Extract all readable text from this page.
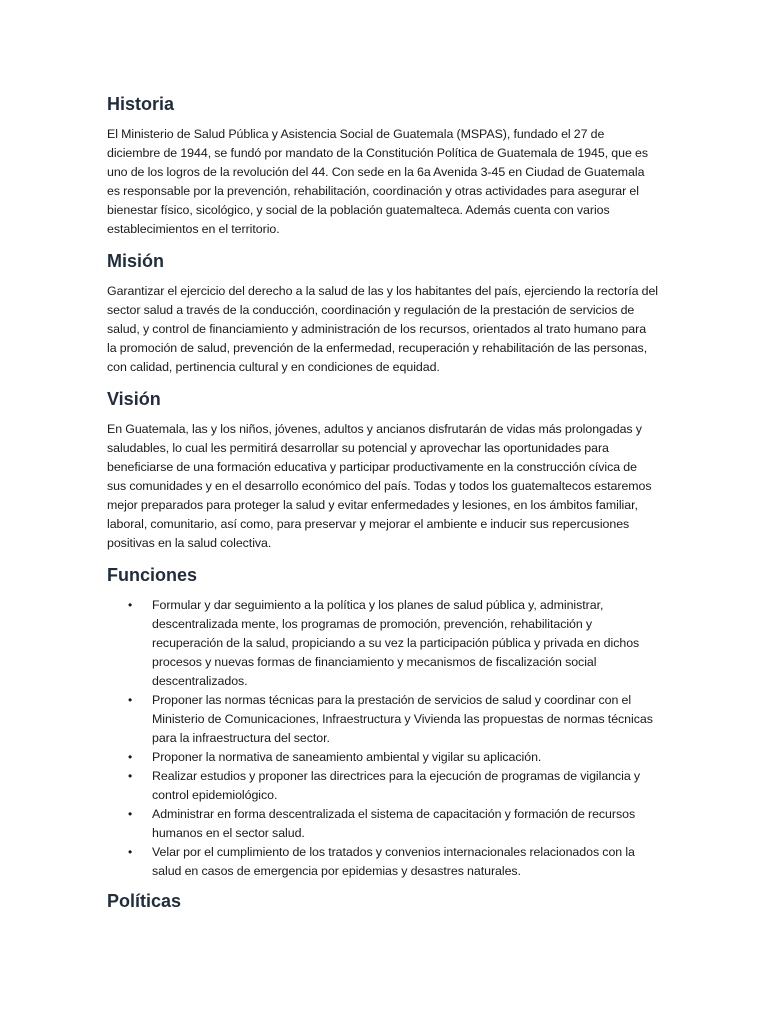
Historia

El Ministerio de Salud Pública y Asistencia Social de Guatemala (MSPAS), fundado el 27 de diciembre de 1944, se fundó por mandato de la Constitución Política de Guatemala de 1945, que es uno de los logros de la revolución del 44. Con sede en la 6a Avenida 3-45 en Ciudad de Guatemala es responsable por la prevención, rehabilitación, coordinación y otras actividades para asegurar el bienestar físico, sicológico, y social de la población guatemalteca. Además cuenta con varios establecimientos en el territorio.

Misión

Garantizar el ejercicio del derecho a la salud de las y los habitantes del país, ejerciendo la rectoría del sector salud a través de la conducción, coordinación y regulación de la prestación de servicios de salud, y control de financiamiento y administración de los recursos, orientados al trato humano para la promoción de salud, prevención de la enfermedad, recuperación y rehabilitación de las personas, con calidad, pertinencia cultural y en condiciones de equidad.

Visión

En Guatemala, las y los niños, jóvenes, adultos y ancianos disfrutarán de vidas más prolongadas y saludables, lo cual les permitirá desarrollar su potencial y aprovechar las oportunidades para beneficiarse de una formación educativa y participar productivamente en la construcción cívica de sus comunidades y en el desarrollo económico del país. Todas y todos los guatemaltecos estaremos mejor preparados para proteger la salud y evitar enfermedades y lesiones, en los ámbitos familiar, laboral, comunitario, así como, para preservar y mejorar el ambiente e inducir sus repercusiones positivas en la salud colectiva.

Funciones
• Formular y dar seguimiento a la política y los planes de salud pública y, administrar, descentralizada mente, los programas de promoción, prevención, rehabilitación y recuperación de la salud, propiciando a su vez la participación pública y privada en dichos procesos y nuevas formas de financiamiento y mecanismos de fiscalización social descentralizados.
• Proponer las normas técnicas para la prestación de servicios de salud y coordinar con el Ministerio de Comunicaciones, Infraestructura y Vivienda las propuestas de normas técnicas para la infraestructura del sector.
• Proponer la normativa de saneamiento ambiental y vigilar su aplicación.
• Realizar estudios y proponer las directrices para la ejecución de programas de vigilancia y control epidemiológico.
• Administrar en forma descentralizada el sistema de capacitación y formación de recursos humanos en el sector salud.
• Velar por el cumplimiento de los tratados y convenios internacionales relacionados con la salud en casos de emergencia por epidemias y desastres naturales.
Políticas
